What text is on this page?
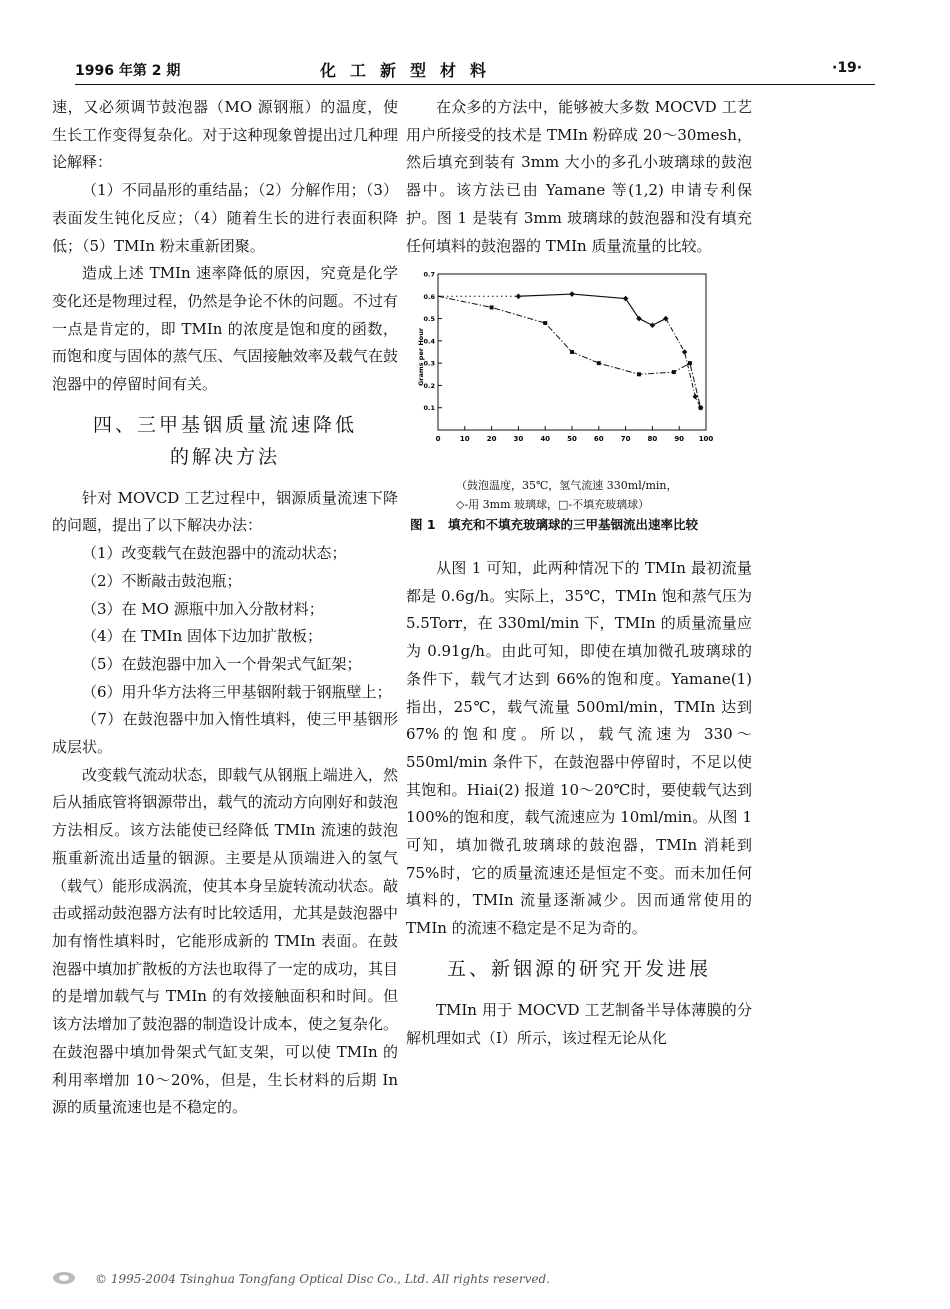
1996 年第 2 期	化工新型材料	·19·

速，又必须调节鼓泡器（MO 源钢瓶）的温度，使生长工作变得复杂化。对于这种现象曾提出过几种理论解释：

（1）不同晶形的重结晶；（2）分解作用；（3）表面发生钝化反应；（4）随着生长的进行表面积降低；（5）TMIn 粉末重新团聚。

造成上述 TMIn 速率降低的原因，究竟是化学变化还是物理过程，仍然是争论不休的问题。不过有一点是肯定的，即 TMIn 的浓度是饱和度的函数，而饱和度与固体的蒸气压、气固接触效率及载气在鼓泡器中的停留时间有关。

四、三甲基铟质量流速降低
的解决方法

针对 MOVCD 工艺过程中，铟源质量流速下降的问题，提出了以下解决办法：

（1）改变载气在鼓泡器中的流动状态；

（2）不断敲击鼓泡瓶；

（3）在 MO 源瓶中加入分散材料；

（4）在 TMIn 固体下边加扩散板；

（5）在鼓泡器中加入一个骨架式气缸架；

（6）用升华方法将三甲基铟附载于钢瓶壁上；

（7）在鼓泡器中加入惰性填料，使三甲基铟形成层状。

改变载气流动状态，即载气从钢瓶上端进入，然后从插底管将铟源带出，载气的流动方向刚好和鼓泡方法相反。该方法能使已经降低 TMIn 流速的鼓泡瓶重新流出适量的铟源。主要是从顶端进入的氢气（载气）能形成涡流，使其本身呈旋转流动状态。敲击或摇动鼓泡器方法有时比较适用，尤其是鼓泡器中加有惰性填料时，它能形成新的 TMIn 表面。在鼓泡器中填加扩散板的方法也取得了一定的成功，其目的是增加载气与 TMIn 的有效接触面积和时间。但该方法增加了鼓泡器的制造设计成本，使之复杂化。在鼓泡器中填加骨架式气缸支架，可以使 TMIn 的利用率增加 10～20%，但是，生长材料的后期 In 源的质量流速也是不稳定的。

在众多的方法中，能够被大多数 MOCVD 工艺用户所接受的技术是 TMIn 粉碎成 20～30mesh，然后填充到装有 3mm 大小的多孔小玻璃球的鼓泡器中。该方法已由 Yamane 等(1,2) 申请专利保护。图 1 是装有 3mm 玻璃球的鼓泡器和没有填充任何填料的鼓泡器的 TMIn 质量流量的比较。

0	10 20 30 40 50 60 70 80 90 100
0.1
0.2
0.3
0.4
0.5
0.6
0.7
Grams per Hour
（鼓泡温度，35℃，氢气流速 330ml/min，
◇-用 3mm 玻璃球，□-不填充玻璃球）
图 1　填充和不填充玻璃球的三甲基铟流出速率比较

从图 1 可知，此两种情况下的 TMIn 最初流量都是 0.6g/h。实际上，35℃，TMIn 饱和蒸气压为 5.5Torr，在 330ml/min 下，TMIn 的质量流量应为 0.91g/h。由此可知，即使在填加微孔玻璃球的条件下，载气才达到 66%的饱和度。Yamane(1) 指出，25℃，载气流量 500ml/min，TMIn 达到 67%的饱和度。所以，载气流速为 330～550ml/min 条件下，在鼓泡器中停留时，不足以使其饱和。Hiai(2) 报道 10～20℃时，要使载气达到 100%的饱和度，载气流速应为 10ml/min。从图 1 可知，填加微孔玻璃球的鼓泡器，TMIn 消耗到 75%时，它的质量流速还是恒定不变。而未加任何填料的，TMIn 流量逐渐减少。因而通常使用的 TMIn 的流速不稳定是不足为奇的。

五、新铟源的研究开发进展

TMIn 用于 MOCVD 工艺制备半导体薄膜的分解机理如式（Ⅰ）所示，该过程无论从化

© 1995-2004 Tsinghua Tongfang Optical Disc Co., Ltd. All rights reserved.
